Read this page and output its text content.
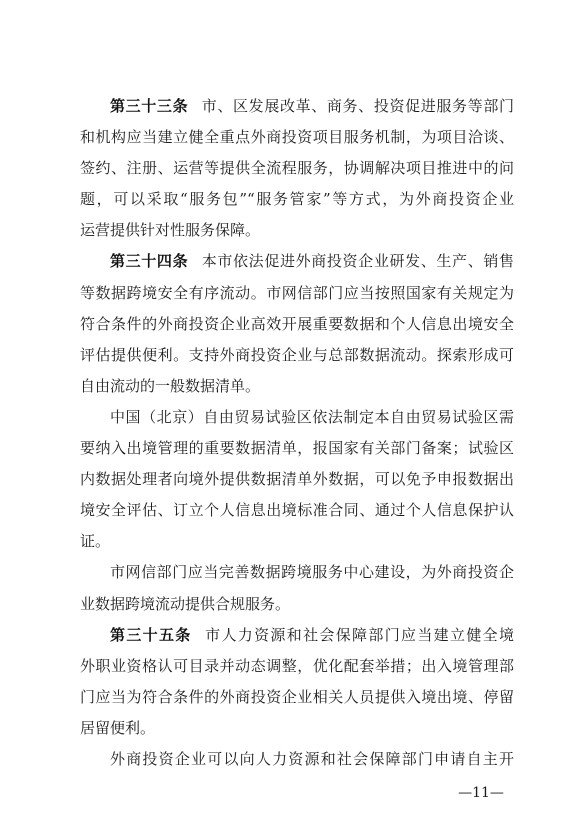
第三十三条 市、区发展改革、商务、投资促进服务等部门
和机构应当建立健全重点外商投资项目服务机制，为项目洽谈、
签约、注册、运营等提供全流程服务，协调解决项目推进中的问
题，可以采取“服务包”“服务管家”等方式，为外商投资企业
运营提供针对性服务保障。
第三十四条 本市依法促进外商投资企业研发、生产、销售
等数据跨境安全有序流动。市网信部门应当按照国家有关规定为
符合条件的外商投资企业高效开展重要数据和个人信息出境安全
评估提供便利。支持外商投资企业与总部数据流动。探索形成可
自由流动的一般数据清单。
中国（北京）自由贸易试验区依法制定本自由贸易试验区需
要纳入出境管理的重要数据清单，报国家有关部门备案；试验区
内数据处理者向境外提供数据清单外数据，可以免予申报数据出
境安全评估、订立个人信息出境标准合同、通过个人信息保护认
证。
市网信部门应当完善数据跨境服务中心建设，为外商投资企
业数据跨境流动提供合规服务。
第三十五条 市人力资源和社会保障部门应当建立健全境
外职业资格认可目录并动态调整，优化配套举措；出入境管理部
门应当为符合条件的外商投资企业相关人员提供入境出境、停留
居留便利。
外商投资企业可以向人力资源和社会保障部门申请自主开
—11—
